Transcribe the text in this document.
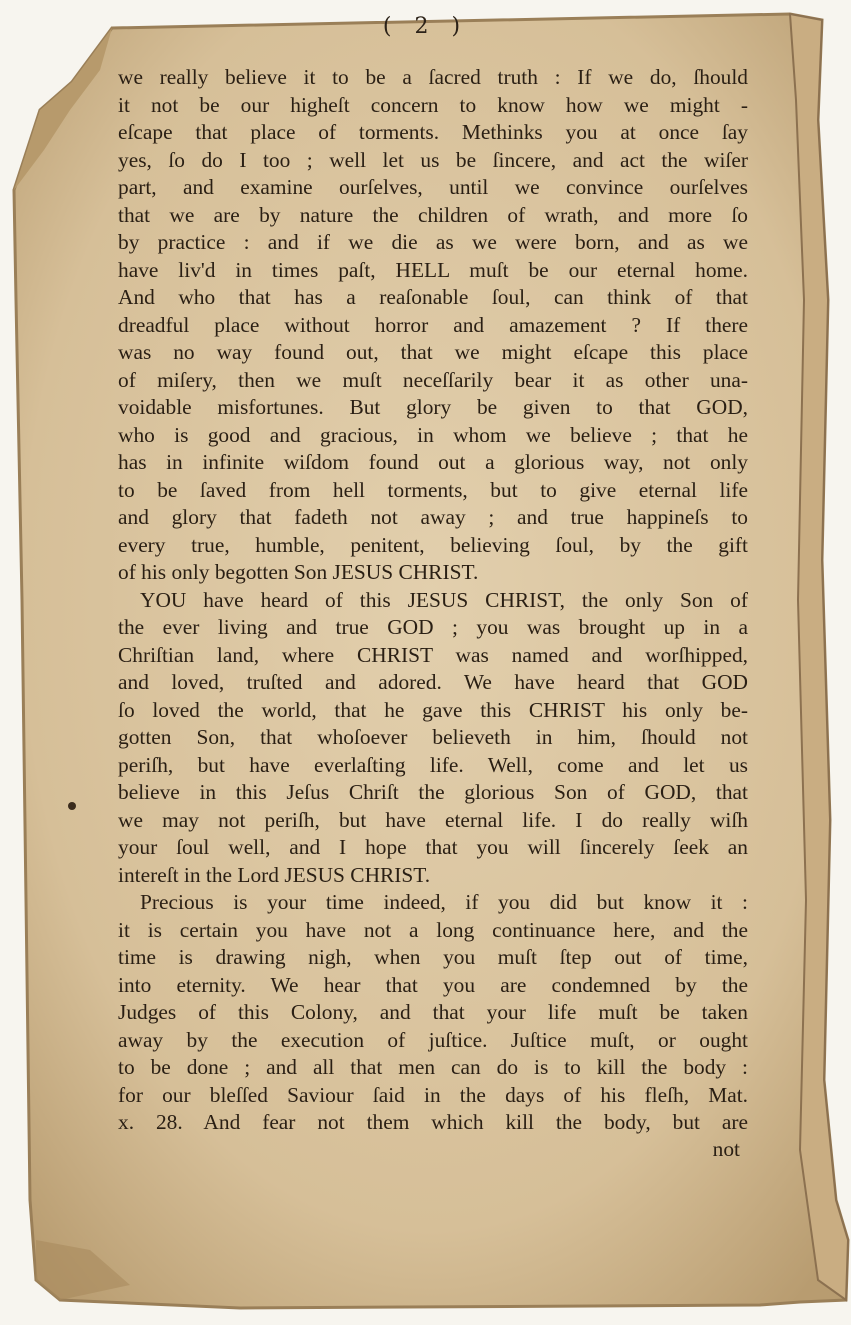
( 2 )
we really believe it to be a ſacred truth : If we do, ſhould
it not be our higheſt concern to know how we might -
eſcape that place of torments. Methinks you at once ſay
yes, ſo do I too ; well let us be ſincere, and act the wiſer
part, and examine ourſelves, until we convince ourſelves
that we are by nature the children of wrath, and more ſo
by practice : and if we die as we were born, and as we
have liv'd in times paſt, HELL muſt be our eternal home.
And who that has a reaſonable ſoul, can think of that
dreadful place without horror and amazement ? If there
was no way found out, that we might eſcape this place
of miſery, then we muſt neceſſarily bear it as other una-
voidable misfortunes. But glory be given to that GOD,
who is good and gracious, in whom we believe ; that he
has in infinite wiſdom found out a glorious way, not only
to be ſaved from hell torments, but to give eternal life
and glory that fadeth not away ; and true happineſs to
every true, humble, penitent, believing ſoul, by the gift
of his only begotten Son JESUS CHRIST.
YOU have heard of this JESUS CHRIST, the only Son of
the ever living and true GOD ; you was brought up in a
Chriſtian land, where CHRIST was named and worſhipped,
and loved, truſted and adored. We have heard that GOD
ſo loved the world, that he gave this CHRIST his only be-
gotten Son, that whoſoever believeth in him, ſhould not
periſh, but have everlaſting life. Well, come and let us
believe in this Jeſus Chriſt the glorious Son of GOD, that
we may not periſh, but have eternal life. I do really wiſh
your ſoul well, and I hope that you will ſincerely ſeek an
intereſt in the Lord JESUS CHRIST.
Precious is your time indeed, if you did but know it :
it is certain you have not a long continuance here, and the
time is drawing nigh, when you muſt ſtep out of time,
into eternity. We hear that you are condemned by the
Judges of this Colony, and that your life muſt be taken
away by the execution of juſtice. Juſtice muſt, or ought
to be done ; and all that men can do is to kill the body :
for our bleſſed Saviour ſaid in the days of his fleſh, Mat.
x. 28. And fear not them which kill the body, but are
not
